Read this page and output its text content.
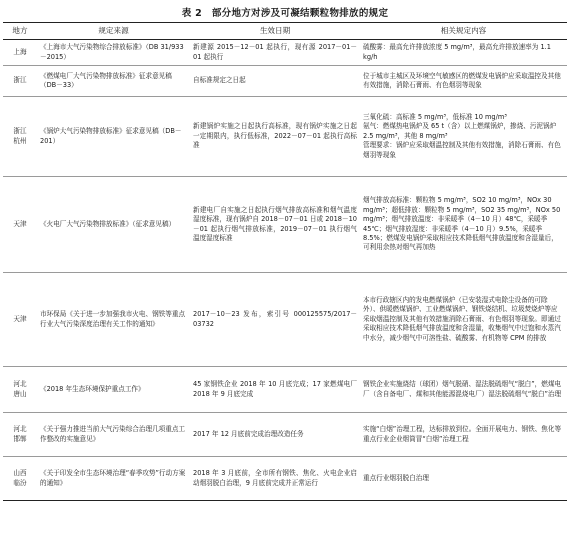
表 2　部分地方对涉及可凝结颗粒物排放的规定
地方	规定来源	生效日期	相关规定内容
上海	《上海市大气污染物综合排放标准》（DB 31/933－2015）	新建源 2015－12－01 起执行，现有源 2017－01－01 起执行	硫酸雾：最高允许排放浓度 5 mg/m³，最高允许排放速率为 1.1 kg/h
浙江	《燃煤电厂大气污染物排放标准》征求意见稿（DB－33）	自标准规定之日起	位于城市主城区及环境空气敏感区的燃煤发电锅炉应采取温控及其他有效措施，消除石膏雨、有色烟羽等现象
浙江
杭州	《锅炉大气污染物排放标准》征求意见稿（DB－201）	新建锅炉实施之日起执行高标准，现有锅炉实施之日起一定期限内，执行低标准，2022－07－01 起执行高标准	三氧化硫：高标准 5 mg/m³，低标准 10 mg/m³
氨气：燃煤热电锅炉及 65 t（含）以上燃煤锅炉，掺烧、污泥锅炉 2.5 mg/m³，其他 8 mg/m³
管理要求：锅炉应采取烟温控制及其他有效措施，消除石膏雨、有色烟羽等现象
天津	《火电厂大气污染物排放标准》（征求意见稿）	新建电厂自实施之日起执行烟气排放高标准和烟气温度湿度标准，现有锅炉自 2018－07－01 日或 2018－10－01 起执行烟气排放标准，2019－07－01 执行烟气温度湿度标准	烟气排放高标准：颗粒物 5 mg/m³，SO2 10 mg/m³，NOx 30 mg/m³；超低排放：颗粒物 5 mg/m³，SO2 35 mg/m³，NOx 50 mg/m³；烟气排放温度：非采暖季（4－10 月）48℃，采暖季 45℃；烟气排放湿度：非采暖季（4－10 月）9.5%，采暖季 8.5%；燃煤发电锅炉采取相应技术降低烟气排放温度和含湿量后，可利用余热对烟气再加热
天津	市环保局《关于进一步加强我市火电、钢铁等重点行业大气污染深度治理有关工作的通知》	2017－10－23 发布，索引号 000125575/2017－03732	本市行政辖区内的发电燃煤锅炉（已安装湿式电除尘设备的可除外）、供暖燃煤锅炉、工业燃煤锅炉、钢铁烧结机、垃圾焚烧炉等应采取烟温控制及其他有效措施消除石膏雨、有色烟羽等现象。即通过采取相应技术降低烟气排放温度和含湿量，收集烟气中过饱和水蒸汽中水分，减少烟气中可溶性盐、硫酸雾、有机物等 CPM 的排放
河北
唐山	《2018 年生态环境保护重点工作》	45 家钢铁企业 2018 年 10 月底完成；17 家燃煤电厂 2018 年 9 月底完成	钢铁企业实施烧结（球团）烟气脱硝、湿法脱硫烟气“脱白”，燃煤电厂（含自备电厂、煤和其他能源混烧电厂）湿法脱硫烟气“脱白”治理
河北
邯郸	《关于强力推进当前大气污染综合治理几项重点工作整改的实施意见》	2017 年 12 月底前完成治理改造任务	实施“白烟”治理工程，达标排放到位。全面开展电力、钢铁、焦化等重点行业企业烟筒冒“白烟”治理工程
山西
临汾	《关于印发全市生态环境治理“春季攻势”行动方案的通知》	2018 年 3 月底前，全市所有钢铁、焦化、火电企业启动烟羽脱白治理，9 月底前完成并正常运行	重点行业烟羽脱白治理
